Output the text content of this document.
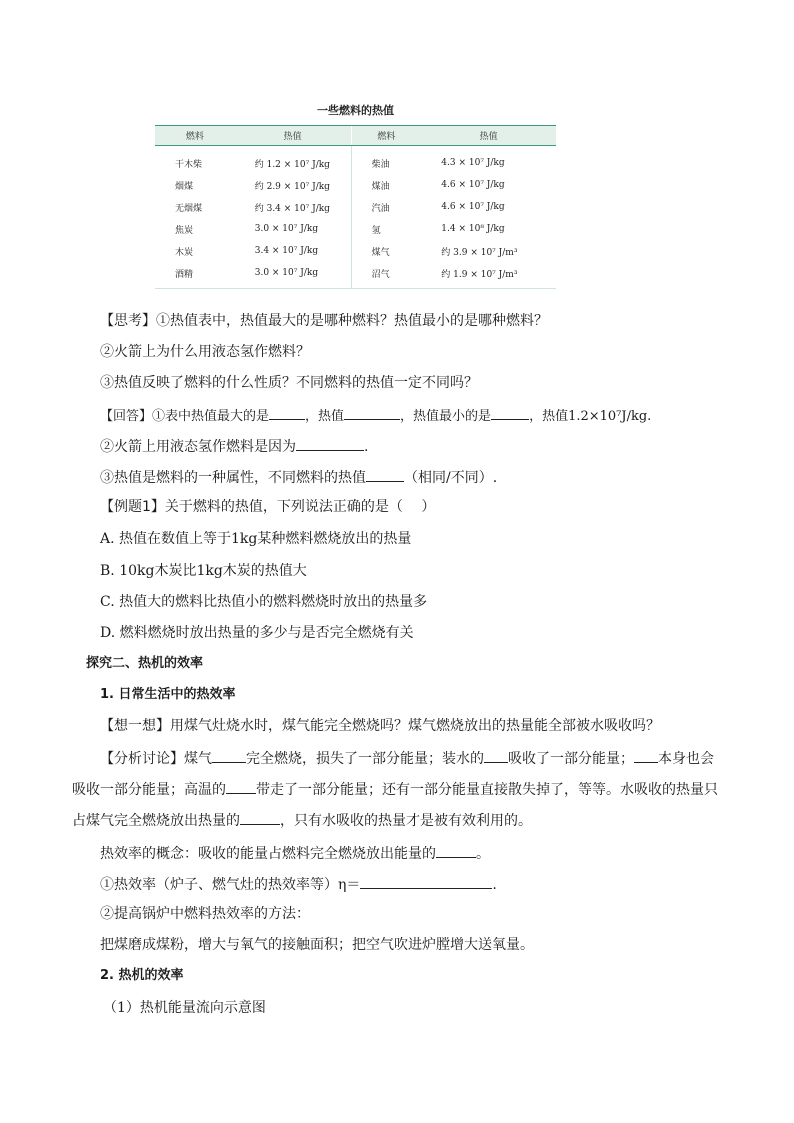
一些燃料的热值
燃料	热值	燃料	热值
干木柴	约 1.2 × 10⁷ J/kg	柴油	4.3 × 10⁷ J/kg
烟煤	约 2.9 × 10⁷ J/kg	煤油	4.6 × 10⁷ J/kg
无烟煤	约 3.4 × 10⁷ J/kg	汽油	4.6 × 10⁷ J/kg
焦炭	3.0 × 10⁷ J/kg	氢	1.4 × 10⁸ J/kg
木炭	3.4 × 10⁷ J/kg	煤气	约 3.9 × 10⁷ J/m³
酒精	3.0 × 10⁷ J/kg	沼气	约 1.9 × 10⁷ J/m³
【思考】①热值表中，热值最大的是哪种燃料？热值最小的是哪种燃料？
②火箭上为什么用液态氢作燃料？
③热值反映了燃料的什么性质？不同燃料的热值一定不同吗？
【回答】①表中热值最大的是	，热值	，热值最小的是	，热值1.2×10⁷J/kg.
②火箭上用液态氢作燃料是因为	.
③热值是燃料的一种属性，不同燃料的热值	（相同/不同）.
【例题1】关于燃料的热值，下列说法正确的是（　 ）
A. 热值在数值上等于1kg某种燃料燃烧放出的热量
B. 10kg木炭比1kg木炭的热值大
C. 热值大的燃料比热值小的燃料燃烧时放出的热量多
D. 燃料燃烧时放出热量的多少与是否完全燃烧有关
探究二、热机的效率
1. 日常生活中的热效率
【想一想】用煤气灶烧水时，煤气能完全燃烧吗？煤气燃烧放出的热量能全部被水吸收吗？
【分析讨论】煤气 完全燃烧，损失了一部分能量；装水的 吸收了一部分能量； 本身也会
吸收一部分能量；高温的 带走了一部分能量；还有一部分能量直接散失掉了，等等。水吸收的热量只
占煤气完全燃烧放出热量的	，只有水吸收的热量才是被有效利用的。
热效率的概念：吸收的能量占燃料完全燃烧放出能量的	。
①热效率（炉子、燃气灶的热效率等）η＝	.
②提高锅炉中燃料热效率的方法：
把煤磨成煤粉，增大与氧气的接触面积；把空气吹进炉膛增大送氧量。
2. 热机的效率
（1）热机能量流向示意图
